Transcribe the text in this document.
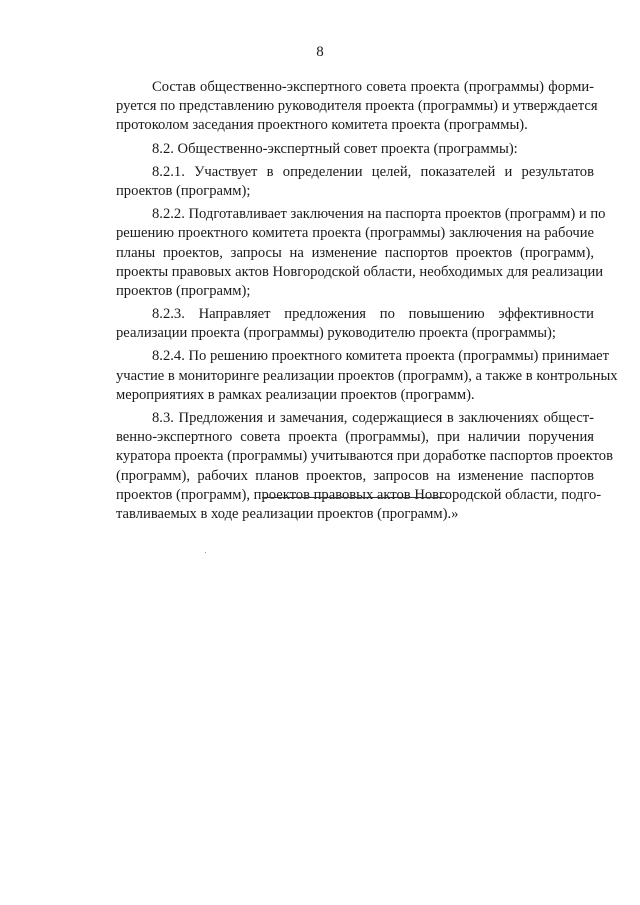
8
Состав общественно-экспертного совета проекта (программы) форми-
руется по представлению руководителя проекта (программы) и утверждается
протоколом заседания проектного комитета проекта (программы).
8.2. Общественно-экспертный совет проекта (программы):
8.2.1. Участвует в определении целей, показателей и результатов
проектов (программ);
8.2.2. Подготавливает заключения на паспорта проектов (программ) и по
решению проектного комитета проекта (программы) заключения на рабочие
планы проектов, запросы на изменение паспортов проектов (программ),
проекты правовых актов Новгородской области, необходимых для реализации
проектов (программ);
8.2.3. Направляет предложения по повышению эффективности
реализации проекта (программы) руководителю проекта (программы);
8.2.4. По решению проектного комитета проекта (программы) принимает
участие в мониторинге реализации проектов (программ), а также в контрольных
мероприятиях в рамках реализации проектов (программ).
8.3. Предложения и замечания, содержащиеся в заключениях общест-
венно-экспертного совета проекта (программы), при наличии поручения
куратора проекта (программы) учитываются при доработке паспортов проектов
(программ), рабочих планов проектов, запросов на изменение паспортов
проектов (программ), проектов правовых актов Новгородской области, подго-
тавливаемых в ходе реализации проектов (программ).»
